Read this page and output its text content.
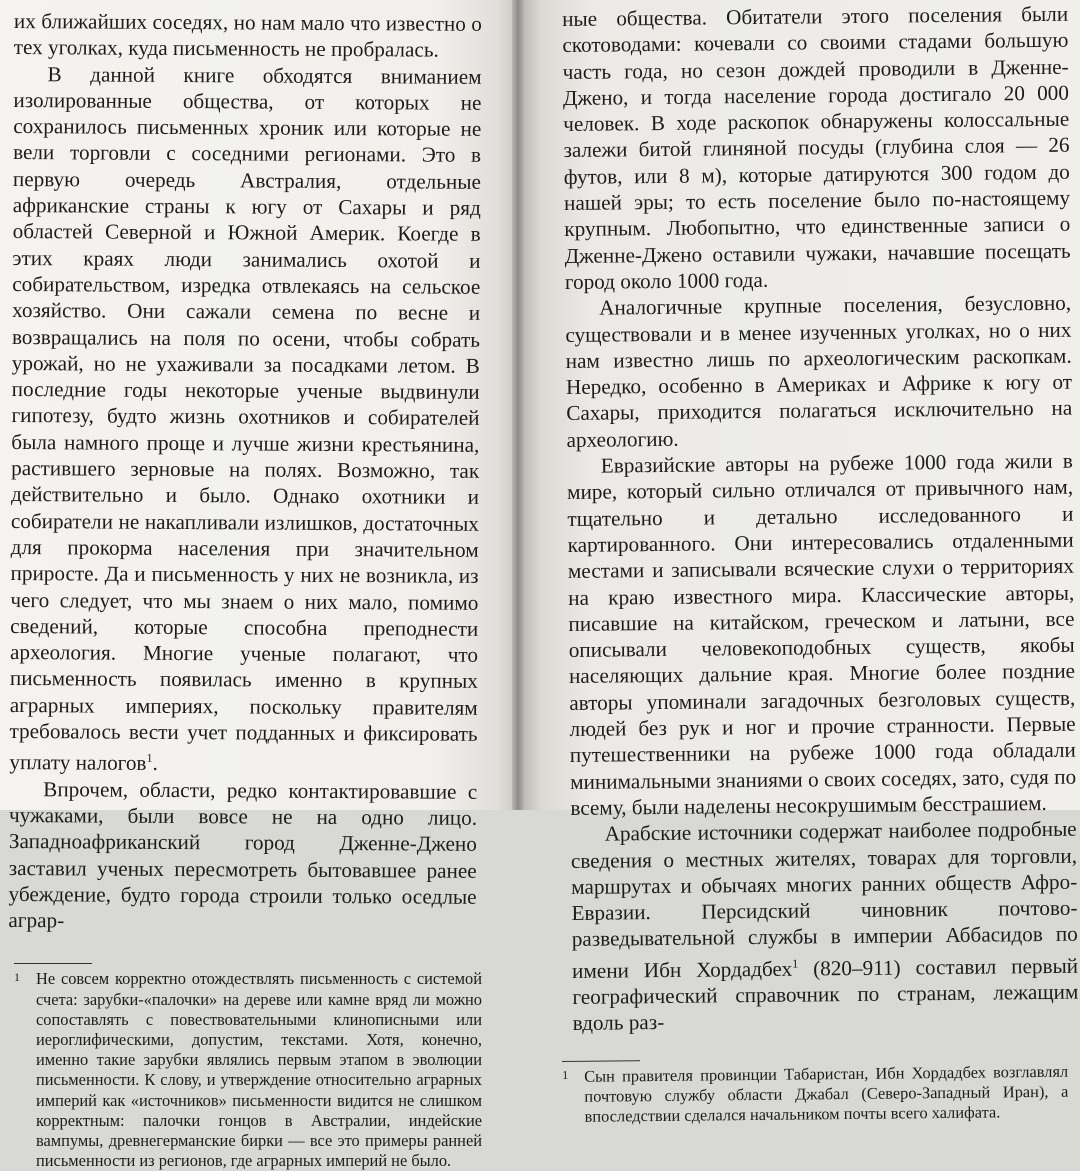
их ближайших соседях, но нам мало что известно о тех уголках, куда письменность не пробралась.

В данной книге обходятся вниманием изолированные общества, от которых не сохранилось письменных хроник или которые не вели торговли с соседними регионами. Это в первую очередь Австралия, отдельные африканские страны к югу от Сахары и ряд областей Северной и Южной Америк. Коегде в этих краях люди занимались охотой и собирательством, изредка отвлекаясь на сельское хозяйство. Они сажали семена по весне и возвращались на поля по осени, чтобы собрать урожай, но не ухаживали за посадками летом. В последние годы некоторые ученые выдвинули гипотезу, будто жизнь охотников и собирателей была намного проще и лучше жизни крестьянина, растившего зерновые на полях. Возможно, так действительно и было. Однако охотники и собиратели не накапливали излишков, достаточных для прокорма населения при значительном приросте. Да и письменность у них не возникла, из чего следует, что мы знаем о них мало, помимо сведений, которые способна преподнести археология. Многие ученые полагают, что письменность появилась именно в крупных аграрных империях, поскольку правителям требовалось вести учет подданных и фиксировать уплату налогов$^1$.

Впрочем, области, редко контактировавшие с чужаками, были вовсе не на одно лицо. Западноафриканский город Дженне-Джено заставил ученых пересмотреть бытовавшее ранее убеждение, будто города строили только оседлые аграр-

1 Не совсем корректно отождествлять письменность с системой счета: зарубки-«палочки» на дереве или камне вряд ли можно сопоставлять с повествовательными клинописными или иероглифическими, допустим, текстами. Хотя, конечно, именно такие зарубки являлись первым этапом в эволюции письменности. К слову, и утверждение относительно аграрных империй как «источников» письменности видится не слишком корректным: палочки гонцов в Австралии, индейские вампумы, древнегерманские бирки — все это примеры ранней письменности из регионов, где аграрных империй не было.

ные общества. Обитатели этого поселения были скотоводами: кочевали со своими стадами большую часть года, но сезон дождей проводили в Дженне-Джено, и тогда население города достигало 20 000 человек. В ходе раскопок обнаружены колоссальные залежи битой глиняной посуды (глубина слоя — 26 футов, или 8 м), которые датируются 300 годом до нашей эры; то есть поселение было по-настоящему крупным. Любопытно, что единственные записи о Дженне-Джено оставили чужаки, начавшие посещать город около 1000 года.

Аналогичные крупные поселения, безусловно, существовали и в менее изученных уголках, но о них нам известно лишь по археологическим раскопкам. Нередко, особенно в Америках и Африке к югу от Сахары, приходится полагаться исключительно на археологию.

Евразийские авторы на рубеже 1000 года жили в мире, который сильно отличался от привычного нам, тщательно и детально исследованного и картированного. Они интересовались отдаленными местами и записывали всяческие слухи о территориях на краю известного мира. Классические авторы, писавшие на китайском, греческом и латыни, все описывали человекоподобных существ, якобы населяющих дальние края. Многие более поздние авторы упоминали загадочных безголовых существ, людей без рук и ног и прочие странности. Первые путешественники на рубеже 1000 года обладали минимальными знаниями о своих соседях, зато, судя по всему, были наделены несокрушимым бесстрашием.

Арабские источники содержат наиболее подробные сведения о местных жителях, товарах для торговли, маршрутах и обычаях многих ранних обществ Афро-Евразии. Персидский чиновник почтово-разведывательной службы в империи Аббасидов по имени Ибн Хордадбех$^1$ (820–911) составил первый географический справочник по странам, лежащим вдоль раз-

1 Сын правителя провинции Табаристан, Ибн Хордадбех возглавлял почтовую службу области Джабал (Северо-Западный Иран), а впоследствии сделался начальником почты всего халифата.
